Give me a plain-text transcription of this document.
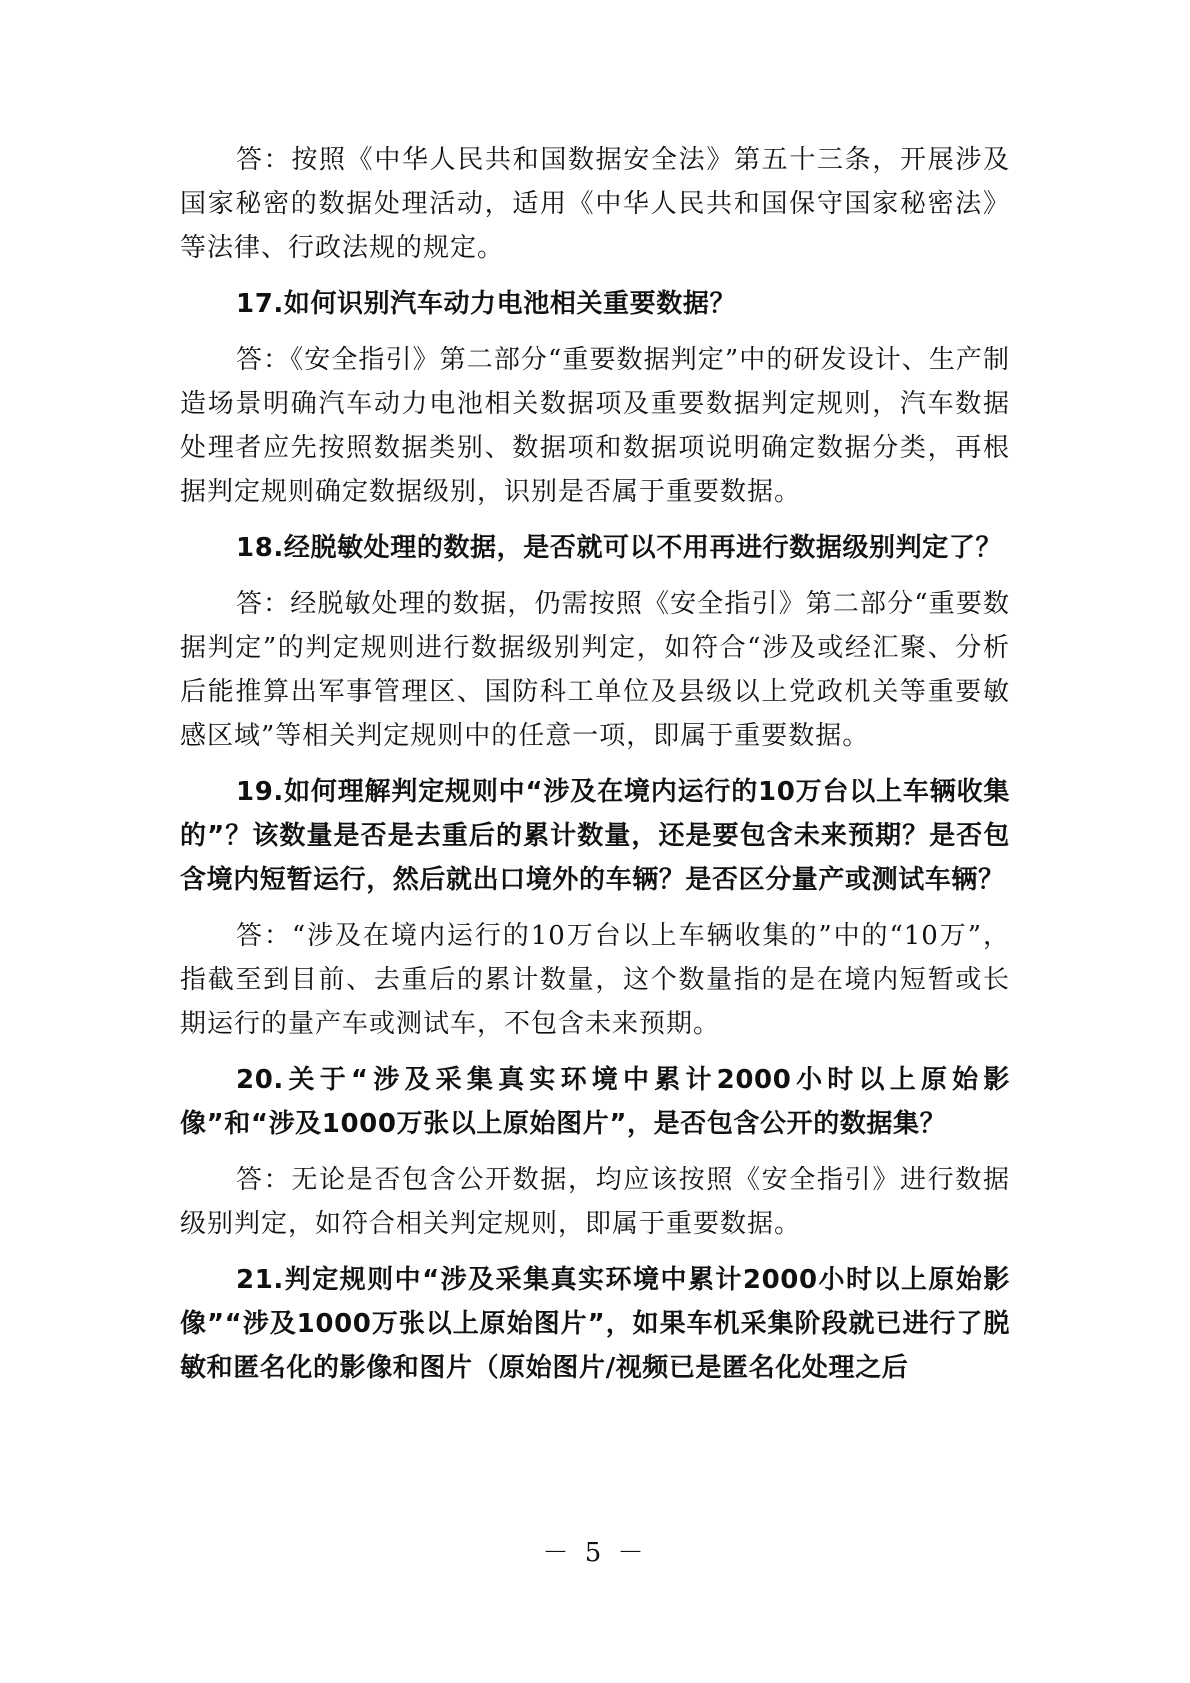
答：按照《中华人民共和国数据安全法》第五十三条，开展涉及国家秘密的数据处理活动，适用《中华人民共和国保守国家秘密法》等法律、行政法规的规定。

17.如何识别汽车动力电池相关重要数据？

答：《安全指引》第二部分“重要数据判定”中的研发设计、生产制造场景明确汽车动力电池相关数据项及重要数据判定规则，汽车数据处理者应先按照数据类别、数据项和数据项说明确定数据分类，再根据判定规则确定数据级别，识别是否属于重要数据。

18.经脱敏处理的数据，是否就可以不用再进行数据级别判定了？

答：经脱敏处理的数据，仍需按照《安全指引》第二部分“重要数据判定”的判定规则进行数据级别判定，如符合“涉及或经汇聚、分析后能推算出军事管理区、国防科工单位及县级以上党政机关等重要敏感区域”等相关判定规则中的任意一项，即属于重要数据。

19.如何理解判定规则中“涉及在境内运行的10万台以上车辆收集的”？该数量是否是去重后的累计数量，还是要包含未来预期？是否包含境内短暂运行，然后就出口境外的车辆？是否区分量产或测试车辆？

答：“涉及在境内运行的10万台以上车辆收集的”中的“10万”，指截至到目前、去重后的累计数量，这个数量指的是在境内短暂或长期运行的量产车或测试车，不包含未来预期。

20.关于“涉及采集真实环境中累计2000小时以上原始影像”和“涉及1000万张以上原始图片”，是否包含公开的数据集？

答：无论是否包含公开数据，均应该按照《安全指引》进行数据级别判定，如符合相关判定规则，即属于重要数据。

21.判定规则中“涉及采集真实环境中累计2000小时以上原始影像”“涉及1000万张以上原始图片”，如果车机采集阶段就已进行了脱敏和匿名化的影像和图片（原始图片/视频已是匿名化处理之后

－ 5 －
